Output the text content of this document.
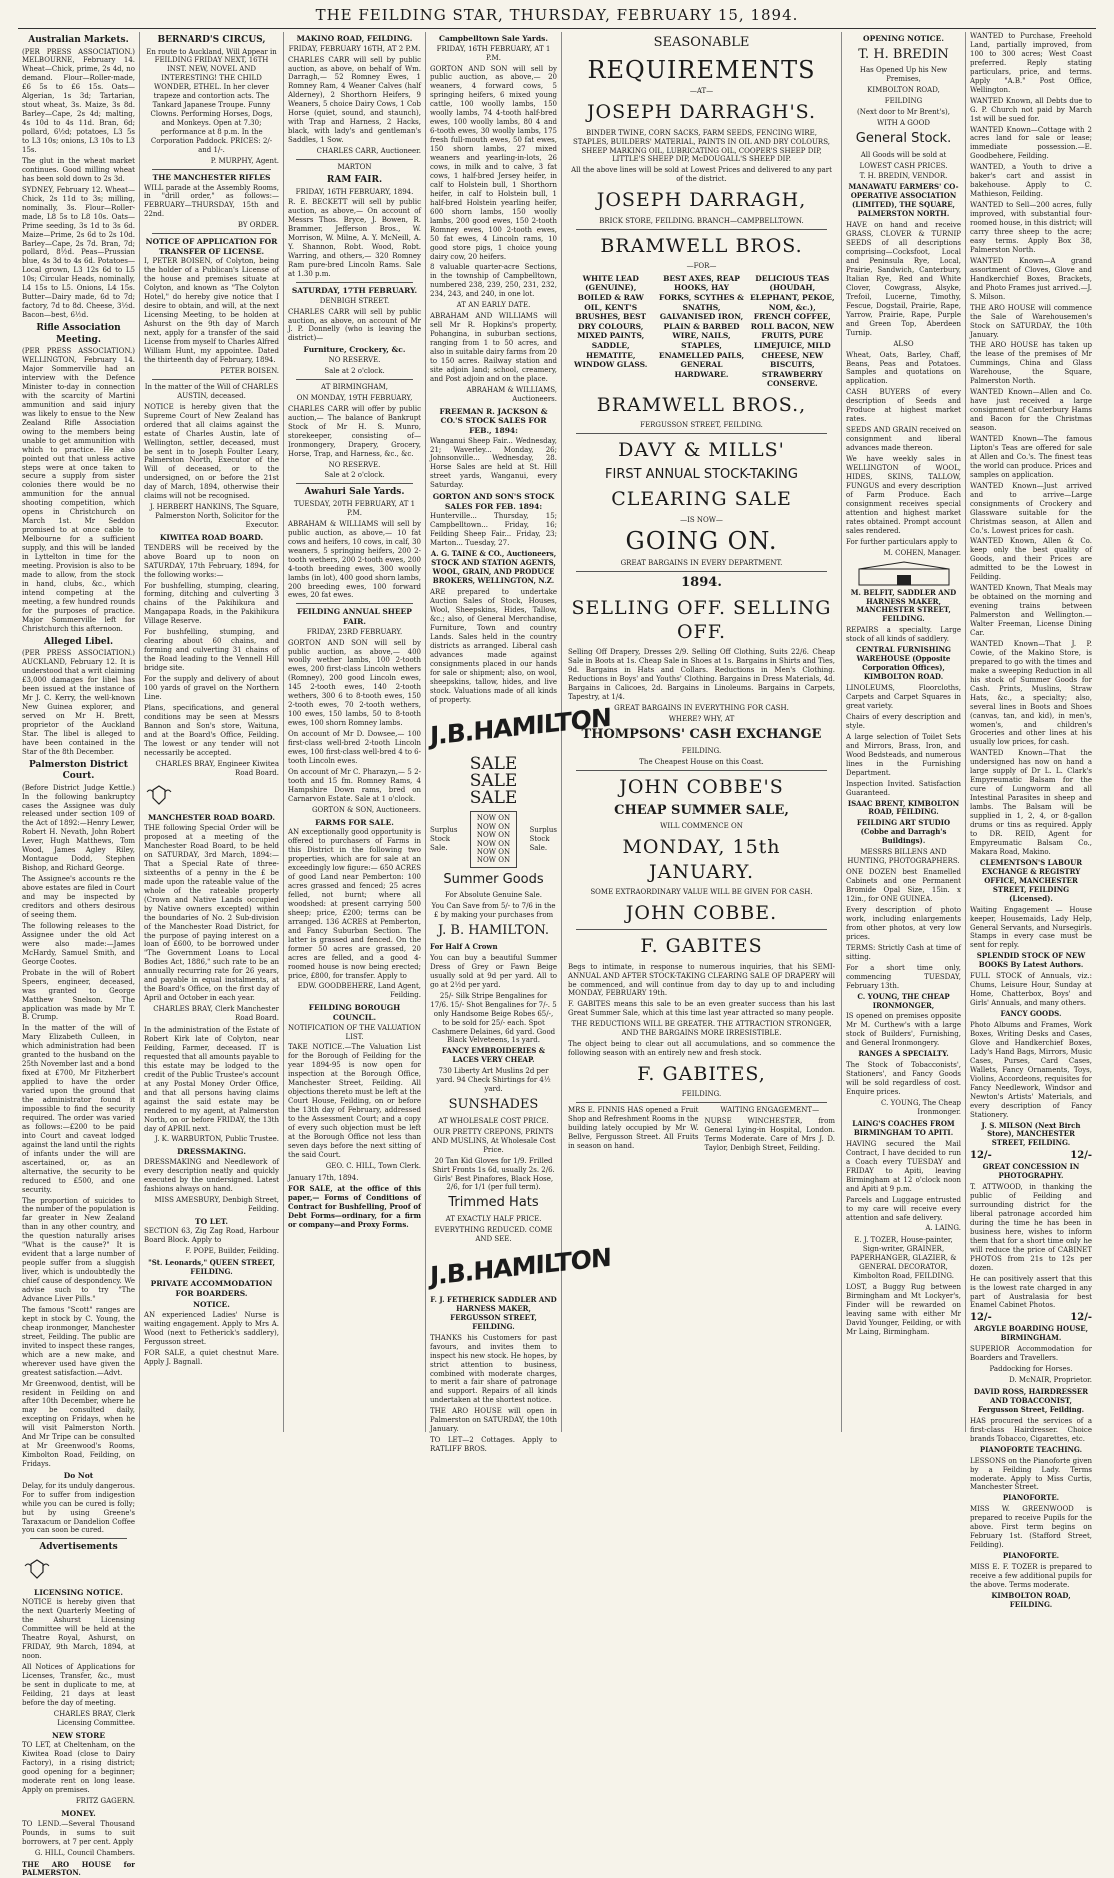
THE FEILDING STAR, THURSDAY, FEBRUARY 15, 1894.
Australian Markets.

(PER PRESS ASSOCIATION.) MELBOURNE, February 14. Wheat—Chick, prime, 2s 4d, no demand. Flour—Roller-made, £6 5s to £6 15s. Oats—Algerian, 1s 3d; Tartarian, stout wheat, 3s. Maize, 3s 8d. Barley—Cape, 2s 4d; malting, 4s 10d to 4s 11d. Bran, 6d; pollard, 6½d; potatoes, L3 5s to L3 10s; onions, L3 10s to L3 15s.

The glut in the wheat market continues. Good milling wheat has been sold down to 2s 3d.

SYDNEY, February 12. Wheat—Chick, 2s 11d to 3s; milling, nominally, 3s. Flour—Roller-made, L8 5s to L8 10s. Oats—Prime seeding, 3s 1d to 3s 6d. Maize—Prime, 2s 6d to 2s 10d. Barley—Cape, 2s 7d. Bran, 7d; pollard, 8½d. Peas—Prussian blue, 4s 3d to 4s 6d. Potatoes—Local grown, L3 12s 6d to L5 10s; Circular Heads, nominally, L4 15s to L5. Onions, L4 15s. Butter—Dairy made, 6d to 7d; factory, 7d to 8d. Cheese, 3½d. Bacon—best, 6½d.

Rifle Association Meeting.

(PER PRESS ASSOCIATION.) WELLINGTON, February 14. Major Sommerville had an interview with the Defence Minister to-day in connection with the scarcity of Martini ammunition and said injury was likely to ensue to the New Zealand Rifle Association owing to the members being unable to get ammunition with which to practice. He also pointed out that unless active steps were at once taken to secure a supply from sister colonies there would be no ammunition for the annual shooting competition, which opens in Christchurch on March 1st. Mr Seddon promised to at once cable to Melbourne for a sufficient supply, and this will be landed in Lyttelton in time for the meeting. Provision is also to be made to allow, from the stock in hand, clubs, &c., which intend competing at the meeting, a few hundred rounds for the purposes of practice. Major Sommerville left for Christchurch this afternoon.

Alleged Libel.

(PER PRESS ASSOCIATION.) AUCKLAND, February 12. It is understood that a writ claiming £3,000 damages for libel has been issued at the instance of Mr J. C. Kerry, the well-known New Guinea explorer, and served on Mr H. Brett, proprietor of the Auckland Star. The libel is alleged to have been contained in the Star of the 8th December.

Palmerston District Court.

(Before District Judge Kettle.) In the following bankruptcy cases the Assignee was duly released under section 109 of the Act of 1892:—Henry Lewer, Robert H. Nevath, John Robert Lever, Hugh Matthews, Tom Wood, James Agley Riley, Montague Dodd, Stephen Bishop, and Richard George.

The Assignee's accounts re the above estates are filed in Court and may be inspected by creditors and others desirous of seeing them.

The following releases to the Assignee under the old Act were also made:—James McHardy, Samuel Smith, and George Cootes.

Probate in the will of Robert Speers, engineer, deceased, was granted to George Matthew Snelson. The application was made by Mr T. B. Crump.

In the matter of the will of Mary Elizabeth Culleen, in which administration had been granted to the husband on the 25th November last and a bond fixed at £700, Mr Fitzherbert applied to have the order varied upon the ground that the administrator found it impossible to find the security required. The order was varied as follows:—£200 to be paid into Court and caveat lodged against the land until the rights of infants under the will are ascertained, or, as an alternative, the security to be reduced to £500, and one security.

The proportion of suicides to the number of the population is far greater in New Zealand than in any other country, and the question naturally arises "What is the cause?" It is evident that a large number of people suffer from a sluggish liver, which is undoubtedly the chief cause of despondency. We advise such to try "The Advance Liver Pills."

The famous "Scott" ranges are kept in stock by C. Young, the cheap ironmonger, Manchester street, Feilding. The public are invited to inspect these ranges, which are a new make, and wherever used have given the greatest satisfaction.—Advt.

Mr Greenwood, dentist, will be resident in Feilding on and after 10th December, where he may be consulted daily, excepting on Fridays, when he will visit Palmerston North. And Mr Tripe can be consulted at Mr Greenwood's Rooms, Kimbolton Road, Feilding, on Fridays.

Do Not

Delay, for its unduly dangerous. For to suffer from indigestion while you can be cured is folly; but by using Greene's Taraxacum or Dandelion Coffee you can soon be cured.

Advertisements
LICENSING NOTICE.

NOTICE is hereby given that the next Quarterly Meeting of the Ashurst Licensing Committee will be held at the Theatre Royal, Ashurst, on FRIDAY, 9th March, 1894, at noon.

All Notices of Applications for Licenses, Transfer, &c., must be sent in duplicate to me, at Feilding, 21 days at least before the day of meeting.

CHARLES BRAY, Clerk Licensing Committee.

NEW STORE

TO LET, at Cheltenham, on the Kiwitea Road (close to Dairy Factory), in a rising district; good opening for a beginner; moderate rent on long lease. Apply on premises.

FRITZ GAGERN.

MONEY.

TO LEND.—Several Thousand Pounds, in sums to suit borrowers, at 7 per cent. Apply

G. HILL, Council Chambers.

THE ARO HOUSE for PALMERSTON.

BERNARD'S CIRCUS,

En route to Auckland, Will Appear in FEILDING FRIDAY NEXT, 16TH INST. NEW, NOVEL AND INTERESTING! THE CHILD WONDER, ETHEL. In her clever trapeze and contortion acts. The Tankard Japanese Troupe. Funny Clowns. Performing Horses, Dogs, and Monkeys. Open at 7.30; performance at 8 p.m. In the Corporation Paddock. PRICES: 2/- and 1/-.

P. MURPHY, Agent.

THE MANCHESTER RIFLES

WILL parade at the Assembly Rooms, in "drill order," as follows:— FEBRUARY—THURSDAY, 15th and 22nd.

BY ORDER.

NOTICE OF APPLICATION FOR TRANSFER OF LICENSE.

I, PETER BOISEN, of Colyton, being the holder of a Publican's License of the house and premises situate at Colyton, and known as "The Colyton Hotel," do hereby give notice that I desire to obtain, and will, at the next Licensing Meeting, to be holden at Ashurst on the 9th day of March next, apply for a transfer of the said License from myself to Charles Alfred William Hunt, my appointee. Dated the thirteenth day of February, 1894.

PETER BOISEN.

In the matter of the Will of CHARLES AUSTIN, deceased.

NOTICE is hereby given that the Supreme Court of New Zealand has ordered that all claims against the estate of Charles Austin, late of Wellington, settler, deceased, must be sent in to Joseph Foulter Leary, Palmerston North, Executor of the Will of deceased, or to the undersigned, on or before the 21st day of March, 1894, otherwise their claims will not be recognised.

J. HERBERT HANKINS, The Square, Palmerston North, Solicitor for the Executor.

KIWITEA ROAD BOARD.

TENDERS will be received by the above Board up to noon on SATURDAY, 17th February, 1894, for the following works:—

For bushfelling, stumping, clearing, forming, ditching and culverting 3 chains of the Pakihikura and Mangapapa Roads, in the Pakihikura Village Reserve.

For bushfelling, stumping, and clearing about 60 chains, and forming and culverting 31 chains of the Road leading to the Vennell Hill bridge site.

For the supply and delivery of about 100 yards of gravel on the Northern Line.

Plans, specifications, and general conditions may be seen at Messrs Bannon and Son's store, Waituna, and at the Board's Office, Feilding. The lowest or any tender will not necessarily be accepted.

CHARLES BRAY, Engineer Kiwitea Road Board.

MANCHESTER ROAD BOARD.

THE following Special Order will be proposed at a meeting of the Manchester Road Board, to be held on SATURDAY, 3rd March, 1894:— That a Special Rate of three-sixteenths of a penny in the £ be made upon the rateable value of the whole of the rateable property (Crown and Native Lands occupied by Native owners excepted) within the boundaries of No. 2 Sub-division of the Manchester Road District, for the purpose of paying interest on a loan of £600, to be borrowed under "The Government Loans to Local Bodies Act, 1886," such rate to be an annually recurring rate for 26 years, and payable in equal instalments, at the Board's Office, on the first day of April and October in each year.

CHARLES BRAY, Clerk Manchester Road Board.

In the administration of the Estate of Robert Kirk late of Colyton, near Feilding, Farmer, deceased. IT is requested that all amounts payable to this estate may be lodged to the credit of the Public Trustee's account at any Postal Money Order Office, and that all persons having claims against the said estate may be rendered to my agent, at Palmerston North, on or before FRIDAY, the 13th day of APRIL next.

J. K. WARBURTON, Public Trustee.

DRESSMAKING.

DRESSMAKING and Needlework of every description neatly and quickly executed by the undersigned. Latest fashions always on hand.

MISS AMESBURY, Denbigh Street, Feilding.

TO LET.

SECTION 63, Zig Zag Road, Harbour Board Block. Apply to

F. POPE, Builder, Feilding.

"St. Leonards," QUEEN STREET, FEILDING.

PRIVATE ACCOMMODATION FOR BOARDERS.
NOTICE.

AN experienced Ladies' Nurse is waiting engagement. Apply to Mrs A. Wood (next to Fetherick's saddlery), Fergusson street.

FOR SALE, a quiet chestnut Mare. Apply J. Bagnall.

MAKINO ROAD, FEILDING.

FRIDAY, FEBRUARY 16TH, AT 2 P.M.

CHARLES CARR will sell by public auction, as above, on behalf of Wm. Darragh,— 52 Romney Ewes, 1 Romney Ram, 4 Weaner Calves (half Alderney), 2 Shorthorn Heifers, 9 Weaners, 5 choice Dairy Cows, 1 Cob Horse (quiet, sound, and staunch), with Trap and Harness, 2 Hacks, black, with lady's and gentleman's Saddles, 1 Sow.

CHARLES CARR, Auctioneer.

MARTON

RAM FAIR.

FRIDAY, 16TH FEBRUARY, 1894.

R. E. BECKETT will sell by public auction, as above,— On account of Messrs Thos. Bryce, J. Bowen, R. Brammer, Jefferson Bros., W. Morrison, W. Milne, A. Y. McNeill, A. Y. Shannon, Robt. Wood, Robt. Warring, and others,— 320 Romney Ram pure-bred Lincoln Rams. Sale at 1.30 p.m.

SATURDAY, 17TH FEBRUARY.

DENBIGH STREET.

CHARLES CARR will sell by public auction, as above, on account of Mr J. P. Donnelly (who is leaving the district)—

Furniture, Crockery, &c.

NO RESERVE.

Sale at 2 o'clock.

AT BIRMINGHAM,

ON MONDAY, 19TH FEBRUARY,

CHARLES CARR will offer by public auction,— The balance of Bankrupt Stock of Mr H. S. Munro, storekeeper, consisting of— Ironmongery, Drapery, Grocery, Horse, Trap, and Harness, &c., &c.

NO RESERVE.

Sale at 2 o'clock.

Awahuri Sale Yards.

TUESDAY, 20TH FEBRUARY, AT 1 P.M.

ABRAHAM & WILLIAMS will sell by public auction, as above,— 10 fat cows and heifers, 10 cows, in calf, 30 weaners, 5 springing heifers, 200 2-tooth wethers, 200 2-tooth ewes, 200 4-tooth breeding ewes, 300 woolly lambs (in lot), 400 good shorn lambs, 200 breeding ewes, 100 forward ewes, 20 fat ewes.

FEILDING ANNUAL SHEEP FAIR.

FRIDAY, 23RD FEBRUARY.

GORTON AND SON will sell by public auction, as above,— 400 woolly wether lambs, 100 2-tooth ewes, 200 first-class Lincoln wethers (Romney), 200 good Lincoln ewes, 145 2-tooth ewes, 140 2-tooth wethers, 300 6 to 8-tooth ewes, 150 2-tooth ewes, 70 2-tooth wethers, 100 ewes, 150 lambs, 50 to 8-tooth ewes, 100 shorn Romney lambs.

On account of Mr D. Dowsee,— 100 first-class well-bred 2-tooth Lincoln ewes, 100 first-class well-bred 4 to 6-tooth Lincoln ewes.

On account of Mr C. Pharazyn,— 5 2-tooth and 15 fm. Romney Rams, 4 Hampshire Down rams, bred on Carnarvon Estate. Sale at 1 o'clock.

GORTON & SON, Auctioneers.

FARMS FOR SALE.

AN exceptionally good opportunity is offered to purchasers of Farms in this District in the following two properties, which are for sale at an exceedingly low figure:— 650 ACRES of good Land near Pemberton: 100 acres grassed and fenced; 25 acres felled, not burnt; where all woodshed: at present carrying 500 sheep; price, £200; terms can be arranged. 136 ACRES at Pemberton, and Fancy Suburban Section. The latter is grassed and fenced. On the former 50 acres are grassed, 20 acres are felled, and a good 4-roomed house is now being erected; price, £800, for transfer. Apply to

EDW. GOODBEHERE, Land Agent, Feilding.

FEILDING BOROUGH COUNCIL.

NOTIFICATION OF THE VALUATION LIST.

TAKE NOTICE.—The Valuation List for the Borough of Feilding for the year 1894-95 is now open for inspection at the Borough Office, Manchester Street, Feilding. All objections thereto must be left at the Court House, Feilding, on or before the 13th day of February, addressed to the Assessment Court; and a copy of every such objection must be left at the Borough Office not less than seven days before the next sitting of the said Court.

GEO. C. HILL, Town Clerk.

January 17th, 1894.

FOR SALE, at the office of this paper,— Forms of Conditions of Contract for Bushfelling, Proof of Debt Forms—ordinary, for a firm or company—and Proxy Forms.

Campbelltown Sale Yards.

FRIDAY, 16TH FEBRUARY, AT 1 P.M.

GORTON AND SON will sell by public auction, as above,— 20 weaners, 4 forward cows, 5 springing heifers, 6 mixed young cattle, 100 woolly lambs, 150 woolly lambs, 74 4-tooth half-bred ewes, 100 woolly lambs, 80 4 and 6-tooth ewes, 30 woolly lambs, 175 fresh full-mouth ewes, 50 fat ewes, 150 shorn lambs, 27 mixed weaners and yearling-in-lots, 26 cows, in milk and to calve, 3 fat cows, 1 half-bred Jersey heifer, in calf to Holstein bull, 1 Shorthorn heifer, in calf to Holstein bull, 1 half-bred Holstein yearling heifer, 600 shorn lambs, 150 woolly lambs, 200 good ewes, 150 2-tooth Romney ewes, 100 2-tooth ewes, 50 fat ewes, 4 Lincoln rams, 10 good store pigs, 1 choice young dairy cow, 20 heifers.

8 valuable quarter-acre Sections, in the township of Campbelltown, numbered 238, 239, 250, 231, 232, 234, 243, and 240, in one lot.

AT AN EARLY DATE.

ABRAHAM AND WILLIAMS will sell Mr R. Hopkins's property, Pohangina, in suburban sections, ranging from 1 to 50 acres, and also in suitable dairy farms from 20 to 150 acres. Railway station and site adjoin land; school, creamery, and Post adjoin and on the place.

ABRAHAM & WILLIAMS, Auctioneers.

FREEMAN R. JACKSON & CO.'S STOCK SALES FOR FEB., 1894:

Wanganui Sheep Fair... Wednesday, 21; Waverley... Monday, 26; Johnsonville... Wednesday, 28. Horse Sales are held at St. Hill street yards, Wanganui, every Saturday.

GORTON AND SON'S STOCK SALES FOR FEB. 1894:

Hunterville... Thursday, 15; Campbelltown... Friday, 16; Feilding Sheep Fair... Friday, 23; Marton... Tuesday, 27.

A. G. TAINE & CO., Auctioneers, STOCK AND STATION AGENTS, WOOL, GRAIN, AND PRODUCE BROKERS, WELLINGTON, N.Z.

ARE prepared to undertake Auction Sales of Stock, Houses, Wool, Sheepskins, Hides, Tallow, &c.; also, of General Merchandise, Furniture, Town and country Lands. Sales held in the country districts as arranged. Liberal cash advances made against consignments placed in our hands for sale or shipment; also, on wool, sheepskins, tallow, hides, and live stock. Valuations made of all kinds of property.

J.B.HAMILTON
SALE
SALE
SALE
Surplus
Stock
Sale.
NOW ON
NOW ON
NOW ON
NOW ON
NOW ON
NOW ON
Surplus
Stock
Sale.
Summer Goods

For Absolute Genuine Sale.

You Can Save from 5/- to 7/6 in the £ by making your purchases from

J. B. HAMILTON.

For Half A Crown

You can buy a beautiful Summer Dress of Grey or Fawn Beige usually sold at 9d per yard. All to go at 2½d per yard.

25/- Silk Stripe Bengalines for 17/6. 15/- Shot Bengalines for 7/-. 5 only Handsome Beige Robes 65/-, to be sold for 25/- each. Spot Cashmere Delaines, 6d yard. Good Black Velveteens, 1s yard.

FANCY EMBROIDERIES & LACES VERY CHEAP.

730 Liberty Art Muslins 2d per yard. 94 Check Shirtings for 4½ yard.

SUNSHADES

AT WHOLESALE COST PRICE.

OUR PRETTY CREPONS, PRINTS AND MUSLINS, At Wholesale Cost Price.

20 Tan Kid Gloves for 1/9. Frilled Shirt Fronts 1s 6d, usually 2s. 2/6. Girls' Best Pinafores, Black Hose, 2/6, for 1/1 (per full term).

Trimmed Hats

AT EXACTLY HALF PRICE.

EVERYTHING REDUCED. COME AND SEE.

J.B.HAMILTON

F. J. FETHERICK SADDLER AND HARNESS MAKER, FERGUSSON STREET, FEILDING.

THANKS his Customers for past favours, and invites them to inspect his new stock. He hopes, by strict attention to business, combined with moderate charges, to merit a fair share of patronage and support. Repairs of all kinds undertaken at the shortest notice.

THE ARO HOUSE will open in Palmerston on SATURDAY, the 10th January.

TO LET—2 Cottages. Apply to RATLIFF BROS.

SEASONABLE
REQUIREMENTS

—AT—

JOSEPH DARRAGH'S.

BINDER TWINE, CORN SACKS, FARM SEEDS, FENCING WIRE, STAPLES, BUILDERS' MATERIAL, PAINTS IN OIL AND DRY COLOURS, SHEEP MARKING OIL, LUBRICATING OIL, COOPER'S SHEEP DIP, LITTLE'S SHEEP DIP, McDOUGALL'S SHEEP DIP.

All the above lines will be sold at Lowest Prices and delivered to any part of the district.

JOSEPH DARRAGH,

BRICK STORE, FEILDING. BRANCH—CAMPBELLTOWN.

BRAMWELL BROS.

—FOR—

WHITE LEAD (GENUINE), BOILED & RAW OIL, KENT'S BRUSHES, BEST DRY COLOURS, MIXED PAINTS, SADDLE, HEMATITE, WINDOW GLASS.
BEST AXES, REAP HOOKS, HAY FORKS, SCYTHES & SNATHS, GALVANISED IRON, PLAIN & BARBED WIRE, NAILS, STAPLES, ENAMELLED PAILS, GENERAL HARDWARE.
DELICIOUS TEAS (HOUDAH, ELEPHANT, PEKOE, NOM, &c.), FRENCH COFFEE, ROLL BACON, NEW FRUITS, PURE LIMEJUICE, MILD CHEESE, NEW BISCUITS, STRAWBERRY CONSERVE.
BRAMWELL BROS.,

FERGUSSON STREET, FEILDING.

DAVY & MILLS'
FIRST ANNUAL STOCK-TAKING
CLEARING SALE

—IS NOW—

GOING ON.

GREAT BARGAINS IN EVERY DEPARTMENT.

1894.
SELLING OFF. SELLING OFF.

Selling Off Drapery, Dresses 2/9. Selling Off Clothing, Suits 22/6. Cheap Sale in Boots at 1s. Cheap Sale in Shoes at 1s. Bargains in Shirts and Ties, 9d. Bargains in Hats and Collars. Reductions in Men's Clothing. Reductions in Boys' and Youths' Clothing. Bargains in Dress Materials, 4d. Bargains in Calicoes, 2d. Bargains in Linoleums. Bargains in Carpets, Tapestry, at 1/4.

GREAT BARGAINS IN EVERYTHING FOR CASH.

WHERE? WHY, AT

THOMPSONS' CASH EXCHANGE

FEILDING.

The Cheapest House on this Coast.

JOHN COBBE'S
CHEAP SUMMER SALE,

WILL COMMENCE ON

MONDAY, 15th JANUARY.

SOME EXTRAORDINARY VALUE WILL BE GIVEN FOR CASH.

JOHN COBBE.
F. GABITES

Begs to intimate, in response to numerous inquiries, that his SEMI-ANNUAL AND AFTER STOCK-TAKING CLEARING SALE OF DRAPERY will be commenced, and will continue from day to day up to and including MONDAY, FEBRUARY 19th.

F. GABITES means this sale to be an even greater success than his last Great Summer Sale, which at this time last year attracted so many people.

THE REDUCTIONS WILL BE GREATER. THE ATTRACTION STRONGER, AND THE BARGAINS MORE IRRESISTIBLE.

The object being to clear out all accumulations, and so commence the following season with an entirely new and fresh stock.

F. GABITES,

FEILDING.

MRS E. FINNIS HAS opened a Fruit Shop and Refreshment Rooms in the building lately occupied by Mr W. Bellve, Fergusson Street. All Fruits in season on hand.

WAITING ENGAGEMENT—

NURSE WINCHESTER, from General Lying-in Hospital, London. Terms Moderate. Care of Mrs J. D. Taylor, Denbigh Street, Feilding.

OPENING NOTICE.
T. H. BREDIN

Has Opened Up his New Premises,

KIMBOLTON ROAD,

FEILDING

(Next door to Mr Brent's),

WITH A GOOD

General Stock.

All Goods will be sold at

LOWEST CASH PRICES.

T. H. BREDIN, VENDOR.

MANAWATU FARMERS' CO-OPERATIVE ASSOCIATION (LIMITED), THE SQUARE, PALMERSTON NORTH.

HAVE on hand and receive GRASS, CLOVER & TURNIP SEEDS of all descriptions comprising—Cocksfoot, Local and Peninsula Rye, Local, Prairie, Sandwich, Canterbury, Italian Rye, Red and White Clover, Cowgrass, Alsyke, Trefoil, Lucerne, Timothy, Fescue, Dogstail, Prairie, Rape, Yarrow, Prairie, Rape, Purple and Green Top, Aberdeen Turnip.

ALSO

Wheat, Oats, Barley, Chaff, Beans, Peas and Potatoes. Samples and quotations on application.

CASH BUYERS of every description of Seeds and Produce at highest market rates.

SEEDS AND GRAIN received on consignment and liberal advances made thereon.

We have weekly sales in WELLINGTON of WOOL, HIDES, SKINS, TALLOW, FUNGUS and every description of Farm Produce. Each consignment receives special attention and highest market rates obtained. Prompt account sales rendered.

For further particulars apply to

M. COHEN, Manager.

M. BELFIT, SADDLER AND HARNESS MAKER, MANCHESTER STREET, FEILDING.

REPAIRS a specialty. Large stock of all kinds of saddlery.

CENTRAL FURNISHING WAREHOUSE (Opposite Corporation Offices), KIMBOLTON ROAD.

LINOLEUMS, Floorcloths, Carpets and Carpet Squares in great variety.

Chairs of every description and style.

A large selection of Toilet Sets and Mirrors, Brass, Iron, and Wood Bedsteads, and numerous lines in the Furnishing Department.

Inspection Invited. Satisfaction Guaranteed.

ISAAC BRENT, KIMBOLTON ROAD, FEILDING.

FEILDING ART STUDIO (Cobbe and Darragh's Buildings).

MESSRS BILLENS AND HUNTING, PHOTOGRAPHERS.

ONE DOZEN best Enamelled Cabinets and one Permanent Bromide Opal Size, 15in. x 12in., for ONE GUINEA.

Every description of photo work, including enlargements from other photos, at very low prices.

TERMS: Strictly Cash at time of sitting.

For a short time only, commencing TUESDAY, February 13th.

C. YOUNG, THE CHEAP IRONMONGER,

IS opened on premises opposite Mr M. Curthew's with a large stock of Builders', Furnishing, and General Ironmongery.

RANGES A SPECIALTY.

The Stock of Tobacconists', Stationers', and Fancy Goods will be sold regardless of cost. Enquire prices.

C. YOUNG, The Cheap Ironmonger.

LAING'S COACHES FROM BIRMINGHAM TO APITI.

HAVING secured the Mail Contract, I have decided to run a Coach every TUESDAY and FRIDAY to Apiti, leaving Birmingham at 12 o'clock noon and Apiti at 9 p.m.

Parcels and Luggage entrusted to my care will receive every attention and safe delivery.

A. LAING.

E. J. TOZER, House-painter, Sign-writer, GRAINER, PAPERHANGER, GLAZIER, & GENERAL DECORATOR, Kimbolton Road, FEILDING.

LOST, a Buggy Rug between Birmingham and Mt Lockyer's, Finder will be rewarded on leaving same with either Mr David Younger, Feilding, or with Mr Laing, Birmingham.

WANTED to Purchase, Freehold Land, partially improved, from 100 to 300 acres; West Coast preferred. Reply stating particulars, price, and terms. Apply "A.B." Post Office, Wellington.

WANTED Known, all Debts due to G. P. Church not paid by March 1st will be sued for.

WANTED Known—Cottage with 2 acres land for sale or lease; immediate possession.—E. Goodbehere, Feilding.

WANTED, a Youth to drive a baker's cart and assist in bakehouse. Apply to C. Mathieson, Feilding.

WANTED to Sell—200 acres, fully improved, with substantial four-roomed house, in this district; will carry three sheep to the acre; easy terms. Apply Box 38, Palmerston North.

WANTED Known—A grand assortment of Cloves, Glove and Handkerchief Boxes, Brackets, and Photo Frames just arrived.—J. S. Milson.

THE ARO HOUSE will commence the Sale of Warehousemen's Stock on SATURDAY, the 10th January.

THE ARO HOUSE has taken up the lease of the premises of Mr Cummings, China and Glass Warehouse, the Square, Palmerston North.

WANTED Known—Allen and Co. have just received a large consignment of Canterbury Hams and Bacon for the Christmas season.

WANTED Known—The famous Lipton's Teas are offered for sale at Allen and Co.'s. The finest teas the world can produce. Prices and samples on application.

WANTED Known—Just arrived and to arrive—Large consignments of Crockery and Glassware suitable for the Christmas season, at Allen and Co.'s. Lowest prices for cash.

WANTED Known, Allen & Co. keep only the best quality of Goods, and their Prices are admitted to be the Lowest in Feilding.

WANTED Known, That Meals may be obtained on the morning and evening trains between Palmerston and Wellington.—Walter Freeman, License Dining Car.

WANTED Known—That J. P. Cowie, of the Makino Store, is prepared to go with the times and make a sweeping Reduction in all his stock of Summer Goods for Cash. Prints, Muslins, Straw Hats, &c., a specialty; also, several lines in Boots and Shoes (canvas, tan, and kid), in men's, women's, and children's Groceries and other lines at his usually low prices, for cash.

WANTED Known—That the undersigned has now on hand a large supply of Dr L. L. Clark's Empyreumatic Balsam for the cure of Lungworm and all Intestinal Parasites in sheep and lambs. The Balsam will be supplied in 1, 2, 4, or 8-gallon drums or tins as required. Apply to DR. REID, Agent for Empyreumatic Balsam Co., Makara Road, Makino.

CLEMENTSON'S LABOUR EXCHANGE & REGISTRY OFFICE, MANCHESTER STREET, FEILDING (Licensed).

Waiting Engagement — House keeper, Housemaids, Lady Help, General Servants, and Nursegirls. Stamps in every case must be sent for reply.

SPLENDID STOCK OF NEW BOOKS By Latest Authors.

FULL STOCK of Annuals, viz.: Chums, Leisure Hour, Sunday at Home, Chatterbox, Boys' and Girls' Annuals, and many others.

FANCY GOODS.

Photo Albums and Frames, Work Boxes, Writing Desks and Cases, Glove and Handkerchief Boxes, Lady's Hand Bags, Mirrors, Music Cases, Purses, Card Cases, Wallets, Fancy Ornaments, Toys, Violins, Accordeons, requisites for Fancy Needlework, Windsor and Newton's Artists' Materials, and every description of Fancy Stationery.

J. S. MILSON (Next Birch Store), MANCHESTER STREET, FEILDING.

12/-	12/-

GREAT CONCESSION IN PHOTOGRAPHY.

T. ATTWOOD, in thanking the public of Feilding and surrounding district for the liberal patronage accorded him during the time he has been in business here, wishes to inform them that for a short time only he will reduce the price of CABINET PHOTOS from 21s to 12s per dozen.

He can positively assert that this is the lowest rate charged in any part of Australasia for best Enamel Cabinet Photos.

12/-	12/-

ARGYLE BOARDING HOUSE, BIRMINGHAM.

SUPERIOR Accommodation for Boarders and Travellers.

Paddocking for Horses.

D. McNAIR, Proprietor.

DAVID ROSS, HAIRDRESSER AND TOBACCONIST, Fergusson Street, Feilding.

HAS procured the services of a first-class Hairdresser. Choice brands Tobacco, Cigarettes, etc.

PIANOFORTE TEACHING.

LESSONS on the Pianoforte given by a Feilding Lady. Terms moderate. Apply to Miss Curtis, Manchester Street.

PIANOFORTE.

MISS W. GREENWOOD is prepared to receive Pupils for the above. First term begins on February 1st. (Stafford Street, Feilding).

PIANOFORTE.

MISS E. F. TOZER is prepared to receive a few additional pupils for the above. Terms moderate.

KIMBOLTON ROAD, FEILDING.
